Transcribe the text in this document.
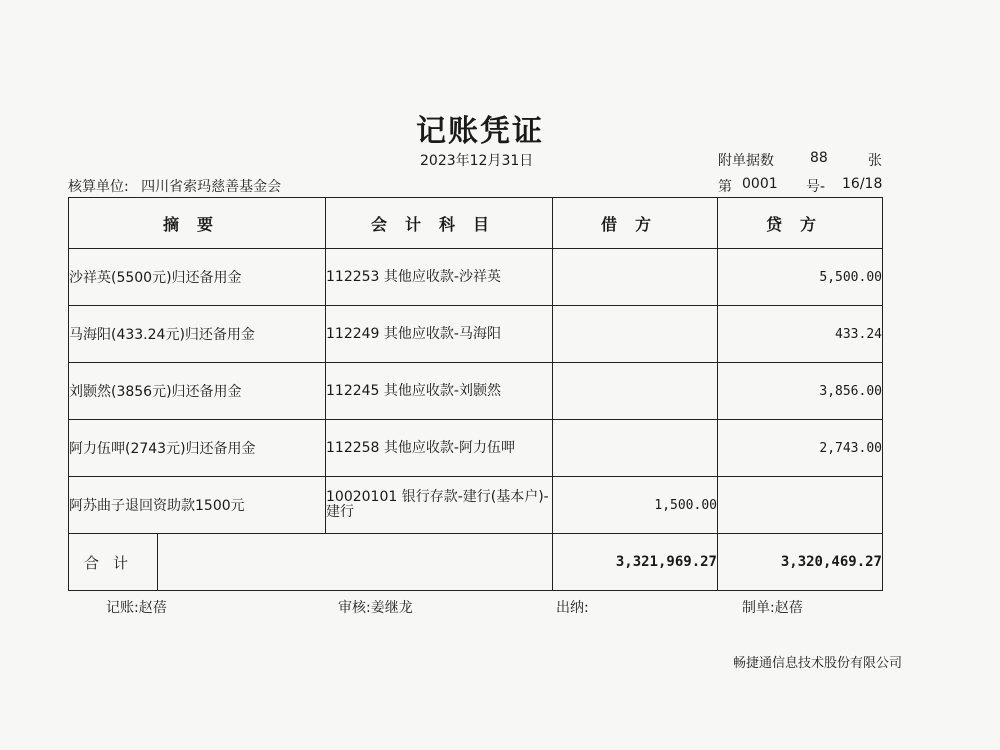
记账凭证
2023年12月31日	附单据数	88	张
核算单位: 四川省索玛慈善基金会	第 0001 号- 16/18
摘要	会计科目	借方	贷方
沙祥英(5500元)归还备用金	112253 其他应收款-沙祥英		5,500.00
马海阳(433.24元)归还备用金	112249 其他应收款-马海阳		433.24
刘颢然(3856元)归还备用金	112245 其他应收款-刘颢然		3,856.00
阿力伍呷(2743元)归还备用金	112258 其他应收款-阿力伍呷		2,743.00
阿苏曲子退回资助款1500元	10020101 银行存款-建行(基本户)-建行	1,500.00	

合计		3,321,969.27	3,320,469.27
记账:赵蓓	审核:姜继龙	出纳:	制单:赵蓓
畅捷通信息技术股份有限公司
